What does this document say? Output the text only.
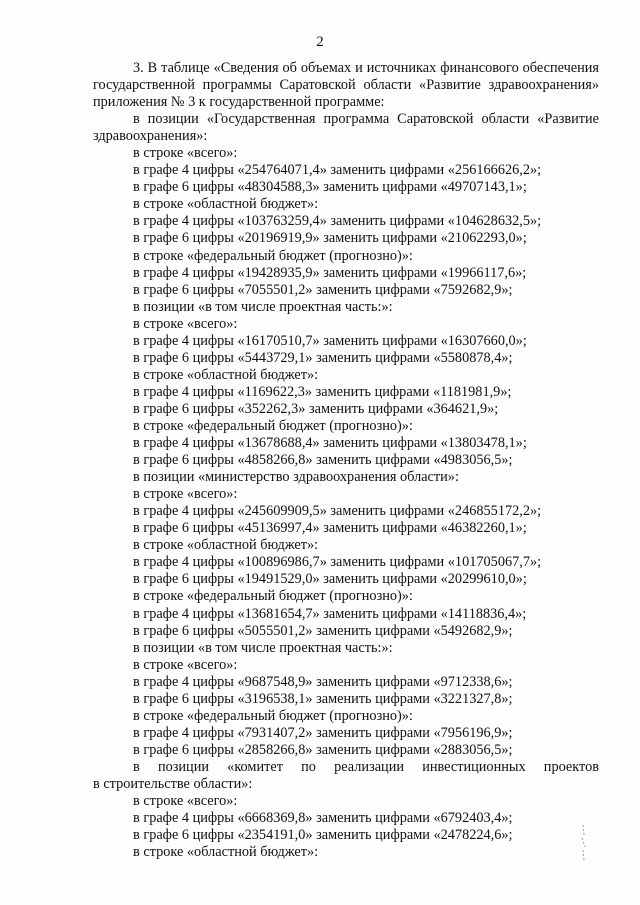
2
3. В таблице «Сведения об объемах и источниках финансового обеспечения
государственной программы Саратовской области «Развитие здравоохранения»
приложения № 3 к государственной программе:
в позиции «Государственная программа Саратовской области «Развитие
здравоохранения»:
в строке «всего»:
в графе 4 цифры «254764071,4» заменить цифрами «256166626,2»;
в графе 6 цифры «48304588,3» заменить цифрами «49707143,1»;
в строке «областной бюджет»:
в графе 4 цифры «103763259,4» заменить цифрами «104628632,5»;
в графе 6 цифры «20196919,9» заменить цифрами «21062293,0»;
в строке «федеральный бюджет (прогнозно)»:
в графе 4 цифры «19428935,9» заменить цифрами «19966117,6»;
в графе 6 цифры «7055501,2» заменить цифрами «7592682,9»;
в позиции «в том числе проектная часть:»:
в строке «всего»:
в графе 4 цифры «16170510,7» заменить цифрами «16307660,0»;
в графе 6 цифры «5443729,1» заменить цифрами «5580878,4»;
в строке «областной бюджет»:
в графе 4 цифры «1169622,3» заменить цифрами «1181981,9»;
в графе 6 цифры «352262,3» заменить цифрами «364621,9»;
в строке «федеральный бюджет (прогнозно)»:
в графе 4 цифры «13678688,4» заменить цифрами «13803478,1»;
в графе 6 цифры «4858266,8» заменить цифрами «4983056,5»;
в позиции «министерство здравоохранения области»:
в строке «всего»:
в графе 4 цифры «245609909,5» заменить цифрами «246855172,2»;
в графе 6 цифры «45136997,4» заменить цифрами «46382260,1»;
в строке «областной бюджет»:
в графе 4 цифры «100896986,7» заменить цифрами «101705067,7»;
в графе 6 цифры «19491529,0» заменить цифрами «20299610,0»;
в строке «федеральный бюджет (прогнозно)»:
в графе 4 цифры «13681654,7» заменить цифрами «14118836,4»;
в графе 6 цифры «5055501,2» заменить цифрами «5492682,9»;
в позиции «в том числе проектная часть:»:
в строке «всего»:
в графе 4 цифры «9687548,9» заменить цифрами «9712338,6»;
в графе 6 цифры «3196538,1» заменить цифрами «3221327,8»;
в строке «федеральный бюджет (прогнозно)»:
в графе 4 цифры «7931407,2» заменить цифрами «7956196,9»;
в графе 6 цифры «2858266,8» заменить цифрами «2883056,5»;
в позиции «комитет по реализации инвестиционных проектов
в строительстве области»:
в строке «всего»:
в графе 4 цифры «6668369,8» заменить цифрами «6792403,4»;
в графе 6 цифры «2354191,0» заменить цифрами «2478224,6»;
в строке «областной бюджет»:
